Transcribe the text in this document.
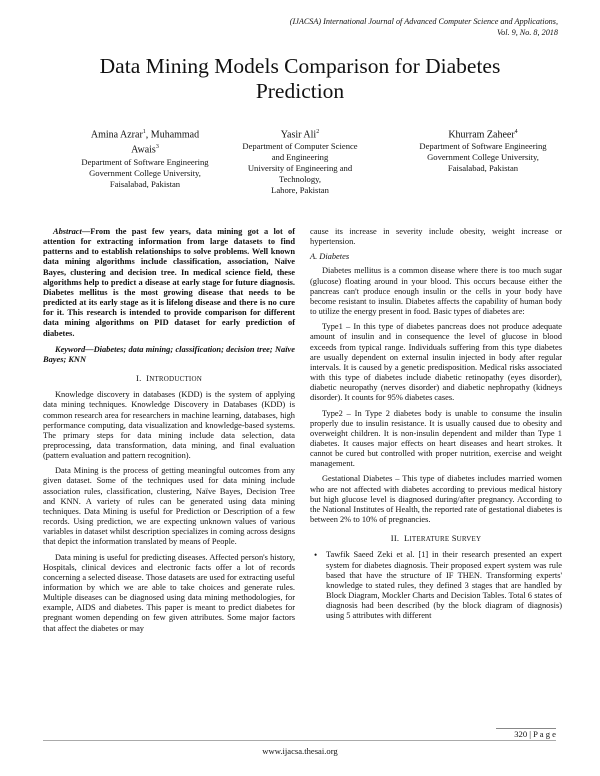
(IJACSA) International Journal of Advanced Computer Science and Applications,
Vol. 9, No. 8, 2018
Data Mining Models Comparison for Diabetes
Prediction
Amina Azrar$^1$, Muhammad
Awais$^3$
Department of Software Engineering
Government College University,
Faisalabad, Pakistan
Yasir Ali$^2$
Department of Computer Science
and Engineering
University of Engineering and
Technology,
Lahore, Pakistan
Khurram Zaheer$^4$
Department of Software Engineering
Government College University,
Faisalabad, Pakistan

Abstract—From the past few years, data mining got a lot of attention for extracting information from large datasets to find patterns and to establish relationships to solve problems. Well known data mining algorithms include classification, association, Naïve Bayes, clustering and decision tree. In medical science field, these algorithms help to predict a disease at early stage for future diagnosis. Diabetes mellitus is the most growing disease that needs to be predicted at its early stage as it is lifelong disease and there is no cure for it. This research is intended to provide comparison for different data mining algorithms on PID dataset for early prediction of diabetes.

Keyword—Diabetes; data mining; classification; decision tree; Naïve Bayes; KNN

I. INTRODUCTION

Knowledge discovery in databases (KDD) is the system of applying data mining techniques. Knowledge Discovery in Databases (KDD) is common research area for researchers in machine learning, databases, high performance computing, data visualization and knowledge-based systems. The primary steps for data mining include data selection, data preprocessing, data transformation, data mining, and final evaluation (pattern evaluation and pattern recognition).

Data Mining is the process of getting meaningful outcomes from any given dataset. Some of the techniques used for data mining include association rules, classification, clustering, Naïve Bayes, Decision Tree and KNN. A variety of rules can be generated using data mining techniques. Data Mining is useful for Prediction or Description of a few records. Using prediction, we are expecting unknown values of various variables in dataset whilst description specializes in coming across designs that depict the information translated by means of People.

Data mining is useful for predicting diseases. Affected person's history, Hospitals, clinical devices and electronic facts offer a lot of records concerning a selected disease. Those datasets are used for extracting useful information by which we are able to take choices and generate rules. Multiple diseases can be diagnosed using data mining methodologies, for example, AIDS and diabetes. This paper is meant to predict diabetes for pregnant women depending on few given attributes. Some major factors that affect the diabetes or may

cause its increase in severity include obesity, weight increase or hypertension.

A. Diabetes

Diabetes mellitus is a common disease where there is too much sugar (glucose) floating around in your blood. This occurs because either the pancreas can't produce enough insulin or the cells in your body have become resistant to insulin. Diabetes affects the capability of human body to utilize the energy present in food. Basic types of diabetes are:

Type1 – In this type of diabetes pancreas does not produce adequate amount of insulin and in consequence the level of glucose in blood exceeds from typical range. Individuals suffering from this type diabetes are usually dependent on external insulin injected in body after regular intervals. It is caused by a genetic predisposition. Medical risks associated with this type of diabetes include diabetic retinopathy (eyes disorder), diabetic neuropathy (nerves disorder) and diabetic nephropathy (kidneys disorder). It counts for 95% diabetes cases.

Type2 – In Type 2 diabetes body is unable to consume the insulin properly due to insulin resistance. It is usually caused due to obesity and overweight children. It is non-insulin dependent and milder than Type 1 diabetes. It causes major effects on heart diseases and heart strokes. It cannot be cured but controlled with proper nutrition, exercise and weight management.

Gestational Diabetes – This type of diabetes includes married women who are not affected with diabetes according to previous medical history but high glucose level is diagnosed during/after pregnancy. According to the National Institutes of Health, the reported rate of gestational diabetes is between 2% to 10% of pregnancies.

II. LITERATURE SURVEY
• Tawfik Saeed Zeki et al. [1] in their research presented an expert system for diabetes diagnosis. Their proposed expert system was rule based that have the structure of IF THEN. Transforming experts' knowledge to stated rules, they defined 3 stages that are handled by Block Diagram, Mockler Charts and Decision Tables. Total 6 states of diagnosis had been described (by the block diagram of diagnosis) using 5 attributes with different
320 | P a g e
www.ijacsa.thesai.org
